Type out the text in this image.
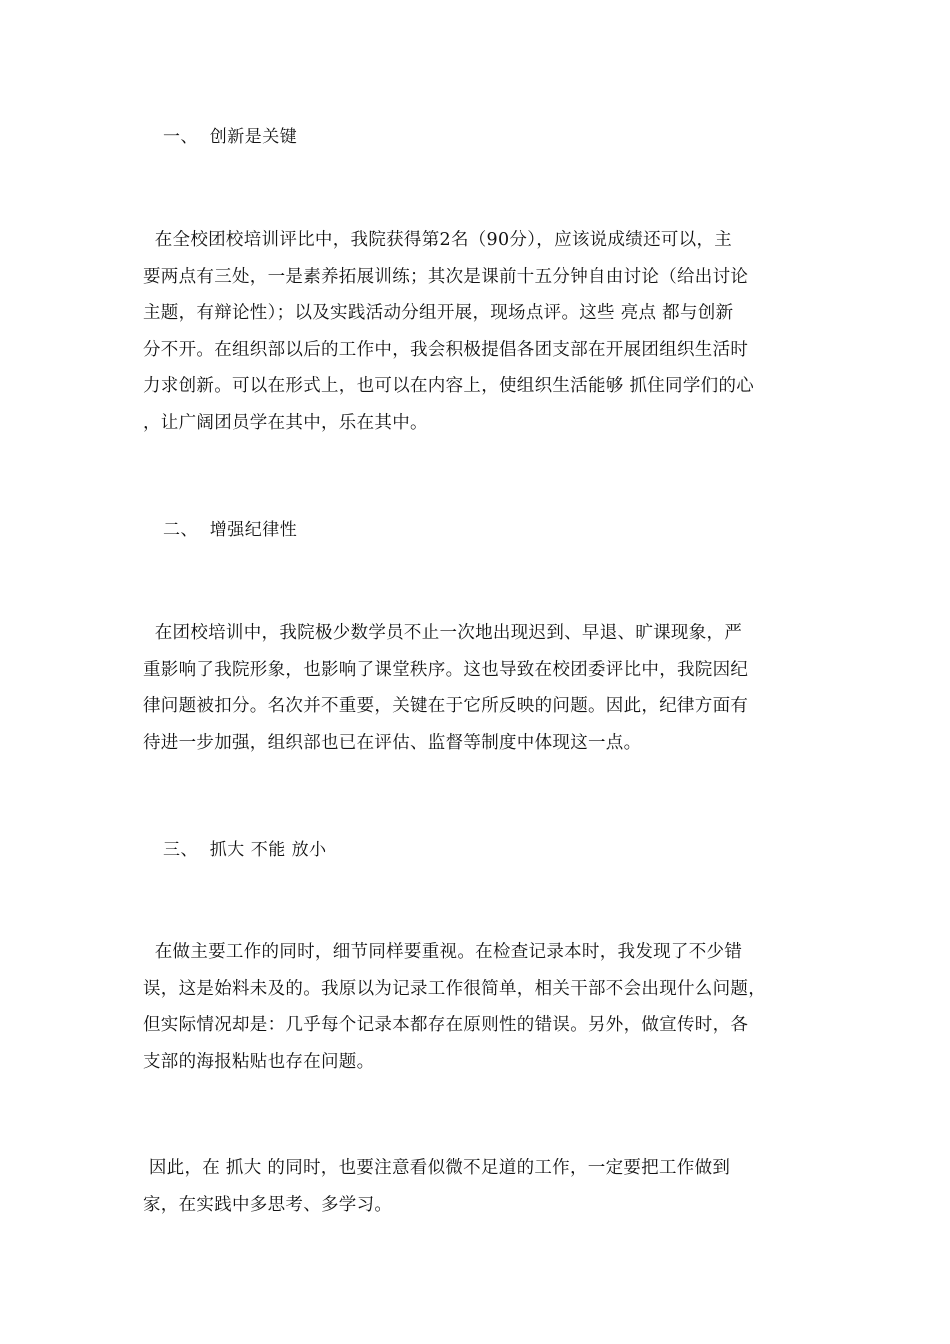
一、  创新是关键
在全校团校培训评比中，我院获得第2名（90分），应该说成绩还可以，主
要两点有三处，一是素养拓展训练；其次是课前十五分钟自由讨论（给出讨论
主题，有辩论性）；以及实践活动分组开展，现场点评。这些 亮点 都与创新
分不开。在组织部以后的工作中，我会积极提倡各团支部在开展团组织生活时
力求创新。可以在形式上，也可以在内容上，使组织生活能够 抓住同学们的心
，让广阔团员学在其中，乐在其中。
二、  增强纪律性
在团校培训中，我院极少数学员不止一次地出现迟到、早退、旷课现象，严
重影响了我院形象，也影响了课堂秩序。这也导致在校团委评比中，我院因纪
律问题被扣分。名次并不重要，关键在于它所反映的问题。因此，纪律方面有
待进一步加强，组织部也已在评估、监督等制度中体现这一点。
三、  抓大 不能 放小
在做主要工作的同时，细节同样要重视。在检查记录本时，我发现了不少错
误，这是始料未及的。我原以为记录工作很简单，相关干部不会出现什么问题，
但实际情况却是：几乎每个记录本都存在原则性的错误。另外，做宣传时，各
支部的海报粘贴也存在问题。
因此，在 抓大 的同时，也要注意看似微不足道的工作，一定要把工作做到
家，在实践中多思考、多学习。
